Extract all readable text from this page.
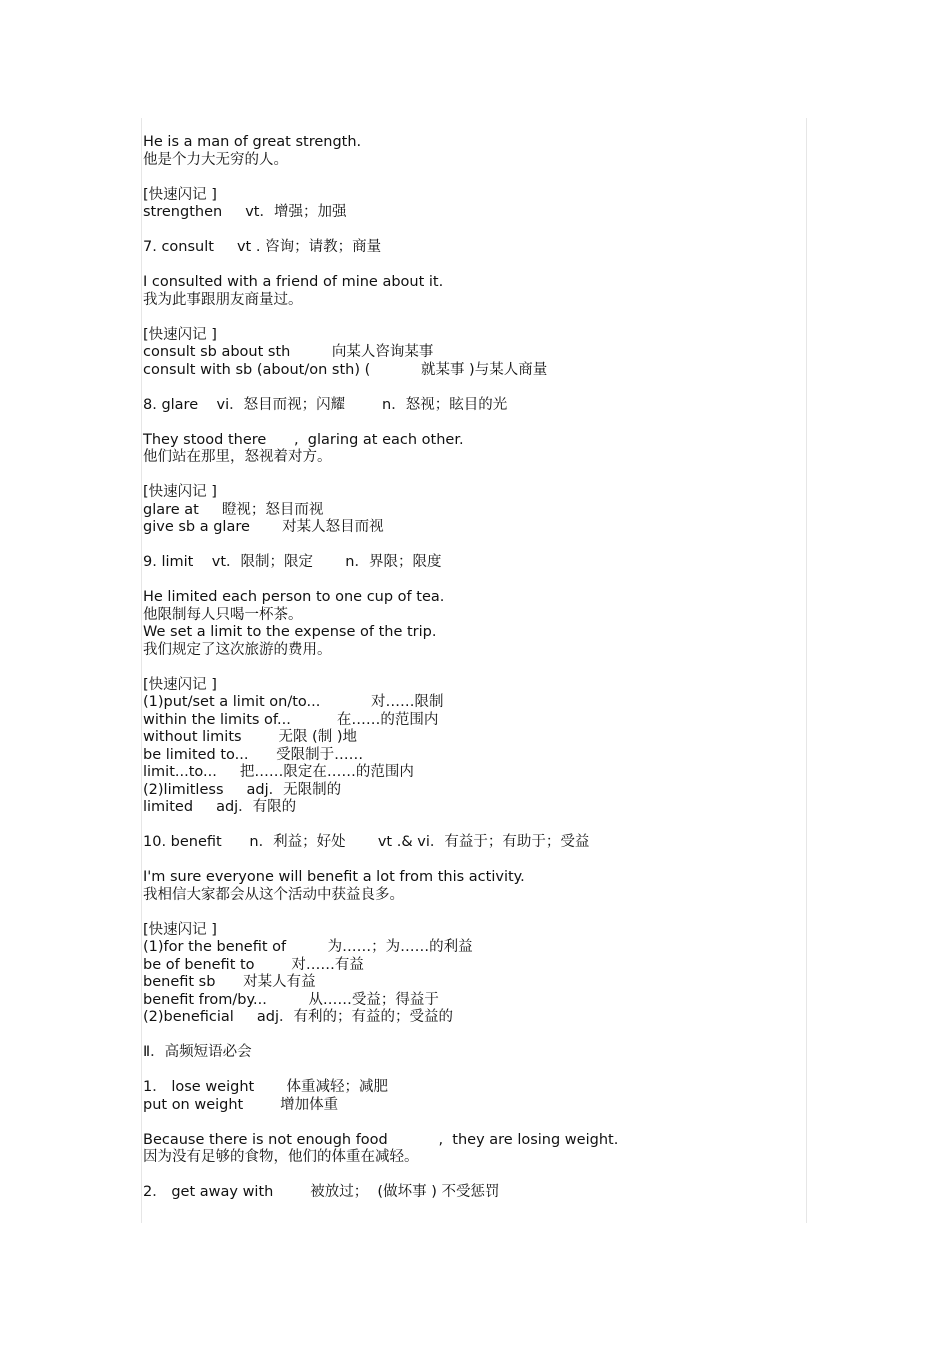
He is a man of great strength.
他是个力大无穷的人。
[快速闪记 ]
strengthen     vt．增强；加强
7. consult     vt . 咨询；请教；商量
I consulted with a friend of mine about it.
我为此事跟朋友商量过。
[快速闪记 ]
consult sb about sth         向某人咨询某事
consult with sb (about/on sth) (           就某事 )与某人商量
8. glare    vi．怒目而视；闪耀        n．怒视；眩目的光
They stood there      ,  glaring at each other.
他们站在那里，怒视着对方。
[快速闪记 ]
glare at     瞪视；怒目而视
give sb a glare       对某人怒目而视
9. limit    vt．限制；限定       n．界限；限度
He limited each person to one cup of tea.
他限制每人只喝一杯茶。
We set a limit to the expense of the trip.
我们规定了这次旅游的费用。
[快速闪记 ]
(1)put/set a limit on/to...           对……限制
within the limits of...          在……的范围内
without limits        无限 (制 )地
be limited to...      受限制于……
limit...to...     把……限定在……的范围内
(2)limitless     adj．无限制的
limited     adj．有限的
10. benefit      n．利益；好处       vt .& vi．有益于；有助于；受益
I'm sure everyone will benefit a lot from this activity.
我相信大家都会从这个活动中获益良多。
[快速闪记 ]
(1)for the benefit of         为……；为……的利益
be of benefit to        对……有益
benefit sb      对某人有益
benefit from/by...         从……受益；得益于
(2)beneficial     adj．有利的；有益的；受益的
Ⅱ．高频短语必会
1． lose weight       体重减轻；减肥
put on weight        增加体重
Because there is not enough food           ,  they are losing weight.
因为没有足够的食物，他们的体重在减轻。
2． get away with        被放过；  (做坏事 ) 不受惩罚
